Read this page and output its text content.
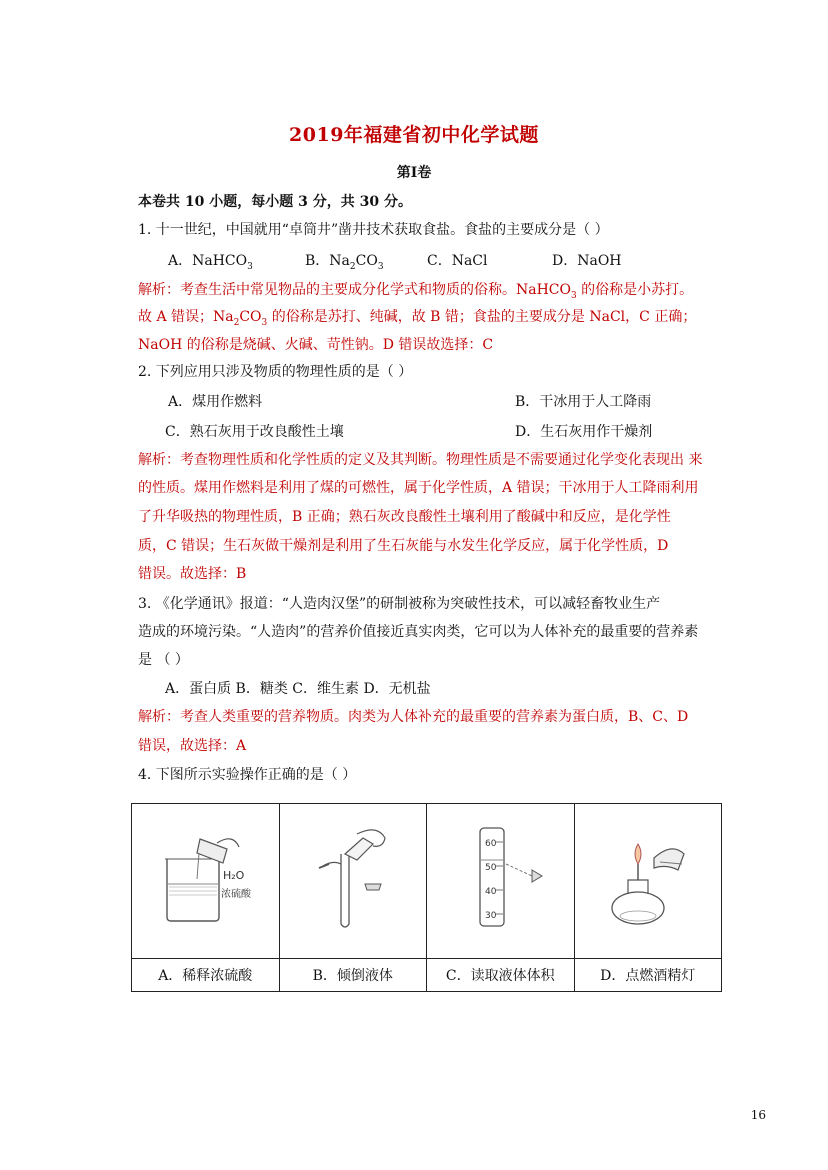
2019年福建省初中化学试题
第Ⅰ卷
本卷共 10 小题，每小题 3 分，共 30 分。
1. 十一世纪，中国就用“卓筒井”凿井技术获取食盐。食盐的主要成分是（ ）
A．NaHCO$_3$	B．$Na_2CO_3$	C．NaCl	D．NaOH
解析：考查生活中常见物品的主要成分化学式和物质的俗称。NaHCO$_3$ 的俗称是小苏打。
故 A 错误；$Na_2CO_3$ 的俗称是苏打、纯碱，故 B 错；食盐的主要成分是 NaCl，C 正确；
NaOH 的俗称是烧碱、火碱、苛性钠。D 错误故选择：C
2. 下列应用只涉及物质的物理性质的是（ ）
A．煤用作燃料	B．干冰用于人工降雨
C．熟石灰用于改良酸性土壤	D．生石灰用作干燥剂
解析：考查物理性质和化学性质的定义及其判断。物理性质是不需要通过化学变化表现出 来
的性质。煤用作燃料是利用了煤的可燃性，属于化学性质，A 错误；干冰用于人工降雨利用
了升华吸热的物理性质，B 正确；熟石灰改良酸性土壤利用了酸碱中和反应，是化学性
质，C 错误；生石灰做干燥剂是利用了生石灰能与水发生化学反应，属于化学性质，D
错误。故选择：B
3. 《化学通讯》报道：“人造肉汉堡”的研制被称为突破性技术，可以减轻畜牧业生产
造成的环境污染。“人造肉”的营养价值接近真实肉类，它可以为人体补充的最重要的营养素
是 （ ）
A．蛋白质 B．糖类 C．维生素 D．无机盐
解析：考查人类重要的营养物质。肉类为人体补充的最重要的营养素为蛋白质，B、C、D
错误，故选择：A
4. 下图所示实验操作正确的是（ ）
H₂O
浓硫酸		60
50
40
30

A．稀释浓硫酸	B．倾倒液体	C．读取液体体积	D．点燃酒精灯
16
